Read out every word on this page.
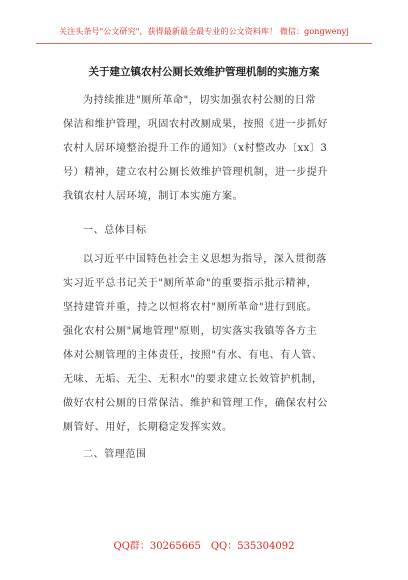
关注头条号"公文研究"，获得最新最全最专业的公文资料库！ 微信：gongwenyj
关于建立镇农村公厕长效维护管理机制的实施方案
为持续推进"厕所革命"，切实加强农村公厕的日常
保洁和维护管理，巩固农村改厕成果，按照《进一步抓好
农村人居环境整治提升工作的通知》（x村整改办〔xx〕3
号）精神，建立农村公厕长效维护管理机制，进一步提升
我镇农村人居环境，制订本实施方案。
一、总体目标
以习近平中国特色社会主义思想为指导，深入贯彻落
实习近平总书记关于"厕所革命"的重要指示批示精神，
坚持建管并重，持之以恒将农村"厕所革命"进行到底。
强化农村公厕"属地管理"原则，切实落实我镇等各方主
体对公厕管理的主体责任，按照"有水、有电、有人管、
无味、无垢、无尘、无积水"的要求建立长效管护机制，
做好农村公厕的日常保洁、维护和管理工作，确保农村公
厕管好、用好，长期稳定发挥实效。
二、管理范围
QQ群：30265665 QQ：535304092
